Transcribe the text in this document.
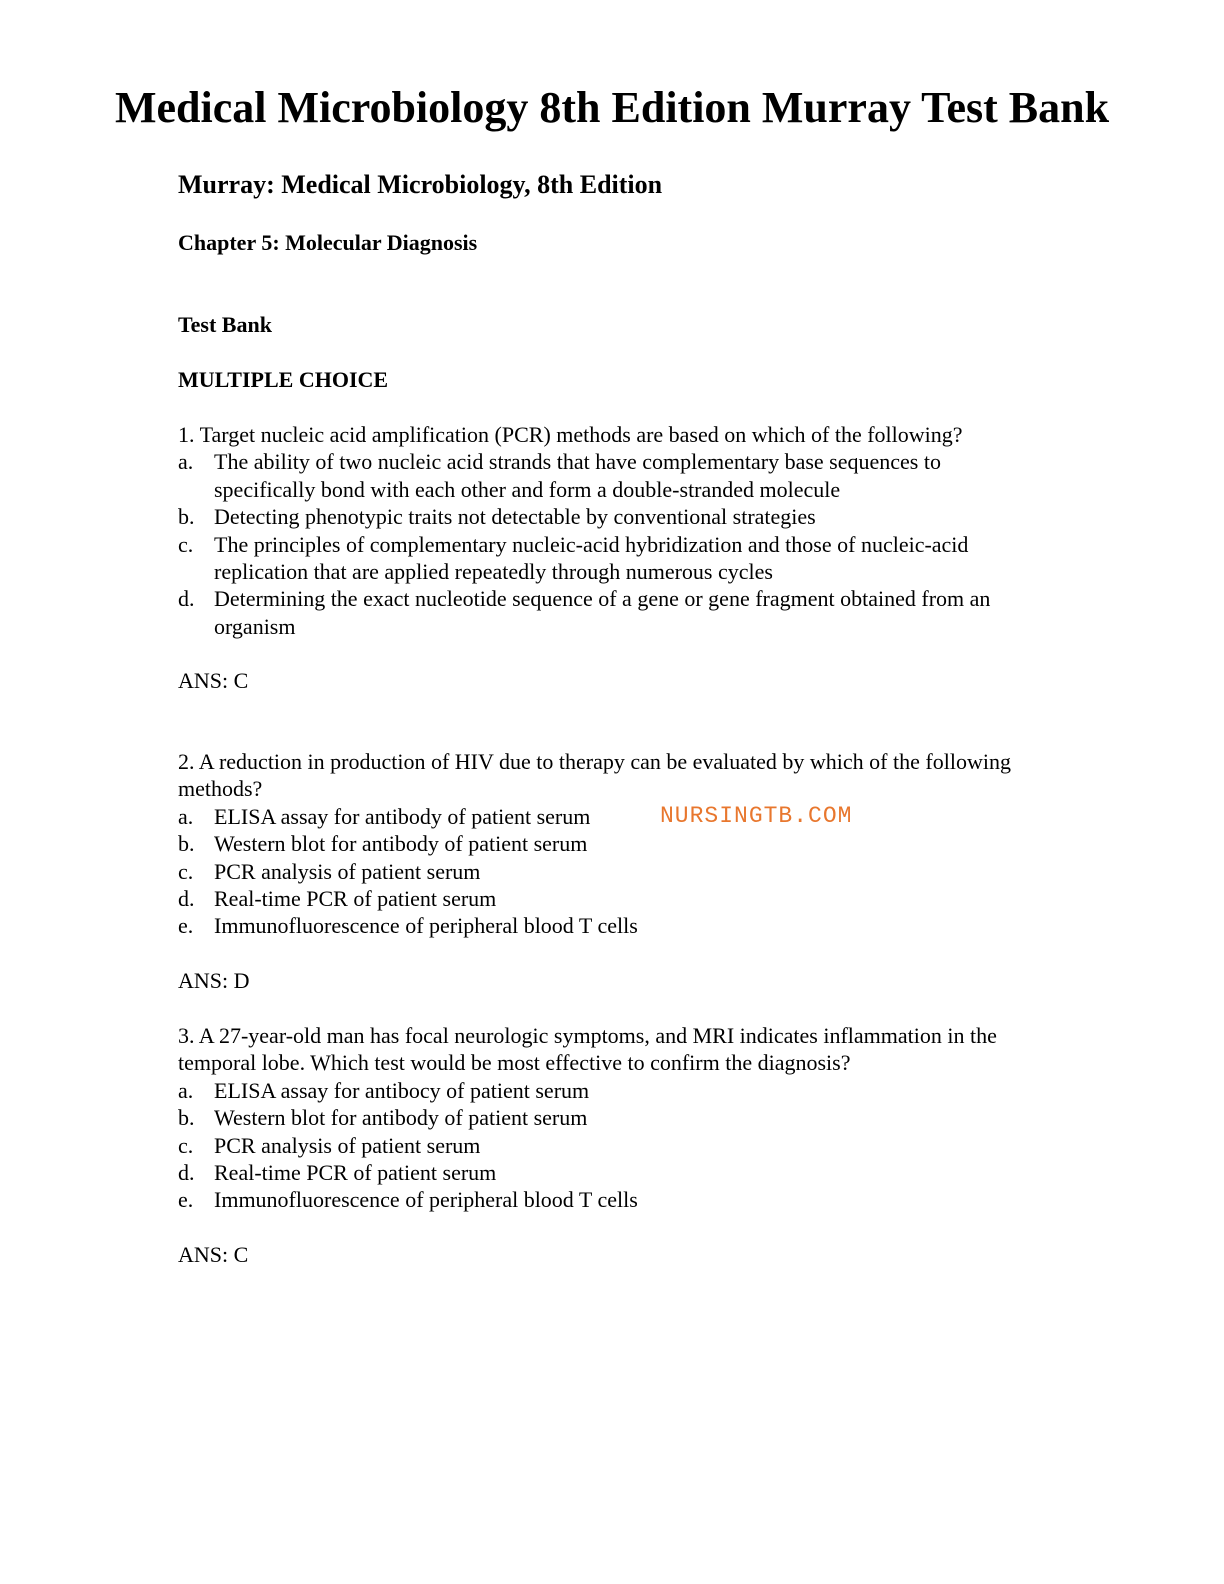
Medical Microbiology 8th Edition Murray Test Bank
Murray: Medical Microbiology, 8th Edition
Chapter 5: Molecular Diagnosis
Test Bank
MULTIPLE CHOICE

1. Target nucleic acid amplification (PCR) methods are based on which of the following?

a. The ability of two nucleic acid strands that have complementary base sequences to specifically bond with each other and form a double-stranded molecule
b. Detecting phenotypic traits not detectable by conventional strategies
c. The principles of complementary nucleic-acid hybridization and those of nucleic-acid replication that are applied repeatedly through numerous cycles
d. Determining the exact nucleotide sequence of a gene or gene fragment obtained from an organism
ANS: C

2. A reduction in production of HIV due to therapy can be evaluated by which of the following methods?

a. ELISA assay for antibody of patient serum
b. Western blot for antibody of patient serum
c. PCR analysis of patient serum
d. Real-time PCR of patient serum
e. Immunofluorescence of peripheral blood T cells
ANS: D

3. A 27-year-old man has focal neurologic symptoms, and MRI indicates inflammation in the temporal lobe. Which test would be most effective to confirm the diagnosis?

a. ELISA assay for antibocy of patient serum
b. Western blot for antibody of patient serum
c. PCR analysis of patient serum
d. Real-time PCR of patient serum
e. Immunofluorescence of peripheral blood T cells
ANS: C
NURSINGTB.COM
